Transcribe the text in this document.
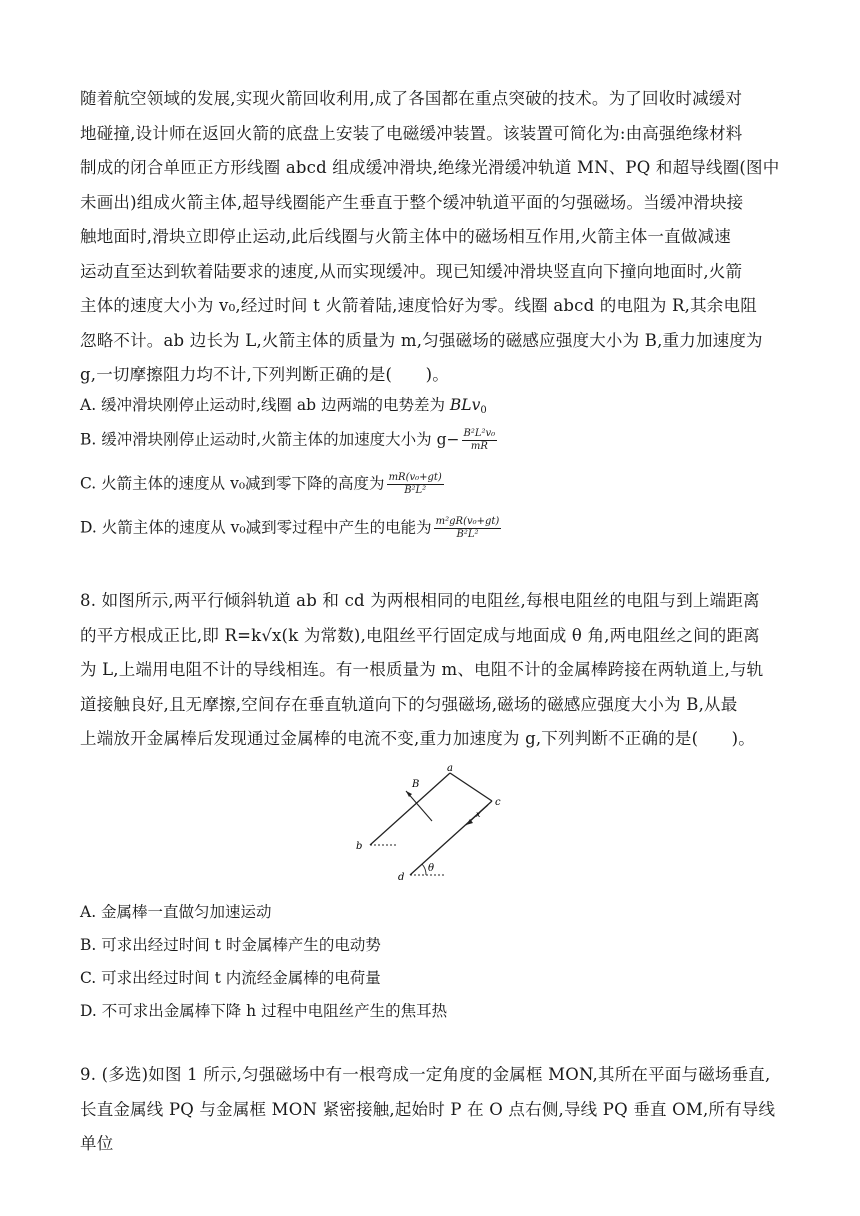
随着航空领域的发展,实现火箭回收利用,成了各国都在重点突破的技术。为了回收时减缓对
地碰撞,设计师在返回火箭的底盘上安装了电磁缓冲装置。该装置可简化为:由高强绝缘材料
制成的闭合单匝正方形线圈 abcd 组成缓冲滑块,绝缘光滑缓冲轨道 MN、PQ 和超导线圈(图中
未画出)组成火箭主体,超导线圈能产生垂直于整个缓冲轨道平面的匀强磁场。当缓冲滑块接
触地面时,滑块立即停止运动,此后线圈与火箭主体中的磁场相互作用,火箭主体一直做减速
运动直至达到软着陆要求的速度,从而实现缓冲。现已知缓冲滑块竖直向下撞向地面时,火箭
主体的速度大小为 v₀,经过时间 t 火箭着陆,速度恰好为零。线圈 abcd 的电阻为 R,其余电阻
忽略不计。ab 边长为 L,火箭主体的质量为 m,匀强磁场的磁感应强度大小为 B,重力加速度为
g,一切摩擦阻力均不计,下列判断正确的是(　　)。
A. 缓冲滑块刚停止运动时,线圈 ab 边两端的电势差为 BLv$_0$
B. 缓冲滑块刚停止运动时,火箭主体的加速度大小为 $g- \frac{\text{B²L²v₀}}{mR}$
C. 火箭主体的速度从 v₀减到零下降的高度为 $\frac{\text{mR(v₀+gt)}}{\text{B²L²}}$
D. 火箭主体的速度从 v₀减到零过程中产生的电能为 $\frac{\text{m²gR(v₀+gt)}}{\text{B²L²}}$
8. 如图所示,两平行倾斜轨道 ab 和 cd 为两根相同的电阻丝,每根电阻丝的电阻与到上端距离
的平方根成正比,即 R=k√x(k 为常数),电阻丝平行固定成与地面成 θ 角,两电阻丝之间的距离
为 L,上端用电阻不计的导线相连。有一根质量为 m、电阻不计的金属棒跨接在两轨道上,与轨
道接触良好,且无摩擦,空间存在垂直轨道向下的匀强磁场,磁场的磁感应强度大小为 B,从最
上端放开金属棒后发现通过金属棒的电流不变,重力加速度为 g,下列判断不正确的是(　　)。
a
b
c
d
B
θ
x
A. 金属棒一直做匀加速运动
B. 可求出经过时间 t 时金属棒产生的电动势
C. 可求出经过时间 t 内流经金属棒的电荷量
D. 不可求出金属棒下降 h 过程中电阻丝产生的焦耳热
9. (多选)如图 1 所示,匀强磁场中有一根弯成一定角度的金属框 MON,其所在平面与磁场垂直,
长直金属线 PQ 与金属框 MON 紧密接触,起始时 P 在 O 点右侧,导线 PQ 垂直 OM,所有导线单位
